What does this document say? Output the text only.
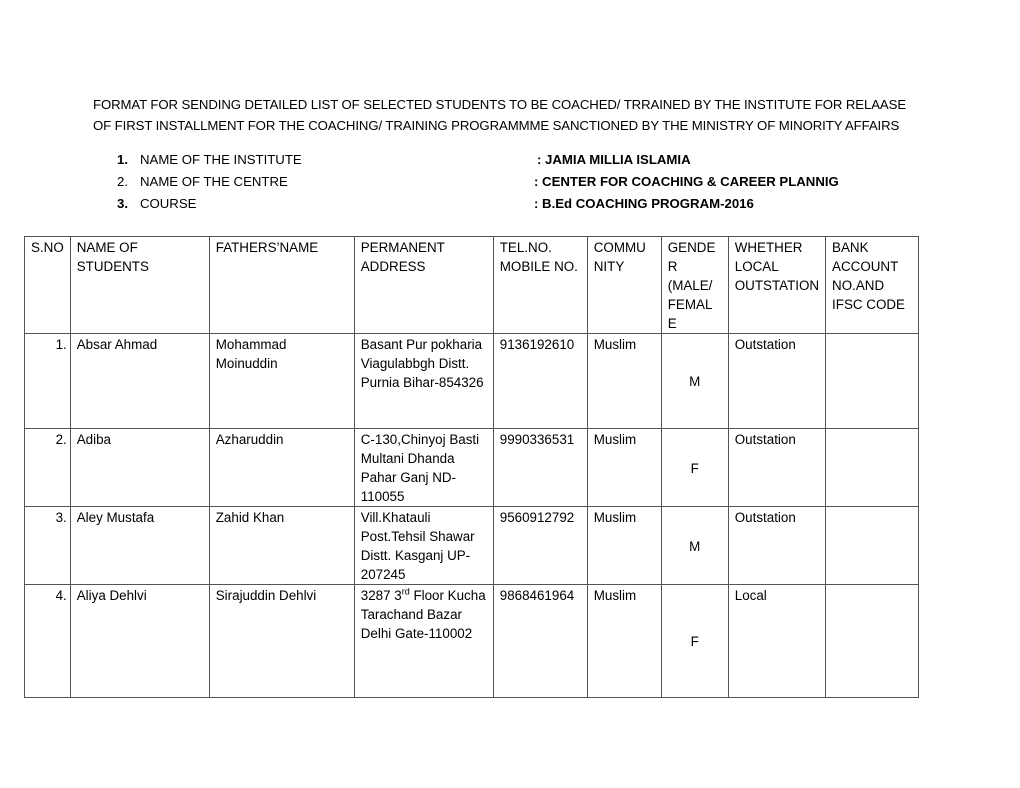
FORMAT FOR SENDING DETAILED LIST OF SELECTED STUDENTS TO BE COACHED/ TRRAINED BY THE INSTITUTE FOR RELAASE OF FIRST INSTALLMENT FOR THE COACHING/ TRAINING PROGRAMMME SANCTIONED BY THE MINISTRY OF MINORITY AFFAIRS
1. NAME OF THE INSTITUTE	: JAMIA MILLIA ISLAMIA
2. NAME OF THE CENTRE	: CENTER FOR COACHING & CAREER PLANNIG
3. COURSE	: B.Ed COACHING PROGRAM-2016
S.NO	NAME OF STUDENTS	FATHERS’NAME	PERMANENT ADDRESS	TEL.NO. MOBILE NO.	COMMU NITY	GENDE R (MALE/ FEMAL E	WHETHER LOCAL OUTSTATION	BANK ACCOUNT NO.AND IFSC CODE
1.	Absar Ahmad	Mohammad Moinuddin	Basant Pur pokharia Viagulabbgh Distt. Purnia Bihar-854326	9136192610	Muslim	M	Outstation	
2.	Adiba	Azharuddin	C-130,Chinyoj Basti Multani Dhanda Pahar Ganj ND-110055	9990336531	Muslim	F	Outstation	
3.	Aley Mustafa	Zahid Khan	Vill.Khatauli Post.Tehsil Shawar Distt. Kasganj UP-207245	9560912792	Muslim	M	Outstation	
4.	Aliya Dehlvi	Sirajuddin Dehlvi	3287 3rd Floor Kucha Tarachand Bazar Delhi Gate-110002	9868461964	Muslim	F	Local	
